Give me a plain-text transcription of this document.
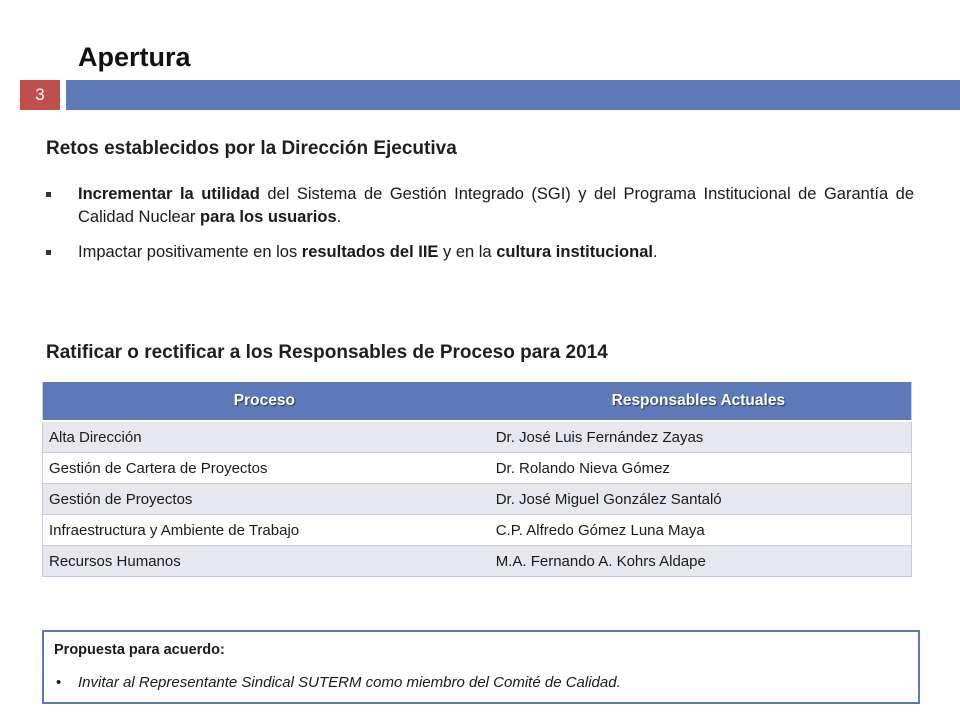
Apertura
3
Retos establecidos por la Dirección Ejecutiva
Incrementar la utilidad del Sistema de Gestión Integrado (SGI) y del Programa Institucional de Garantía de Calidad Nuclear para los usuarios.
Impactar positivamente en los resultados del IIE y en la cultura institucional.
Ratificar o rectificar a los Responsables de Proceso para 2014
Proceso	Responsables Actuales
Alta Dirección	Dr. José Luis Fernández Zayas
Gestión de Cartera de Proyectos	Dr. Rolando Nieva Gómez
Gestión de Proyectos	Dr. José Miguel González Santaló
Infraestructura y Ambiente de Trabajo	C.P. Alfredo Gómez Luna Maya
Recursos Humanos	M.A. Fernando A. Kohrs Aldape
Propuesta para acuerdo:
• Invitar al Representante Sindical SUTERM como miembro del Comité de Calidad.
